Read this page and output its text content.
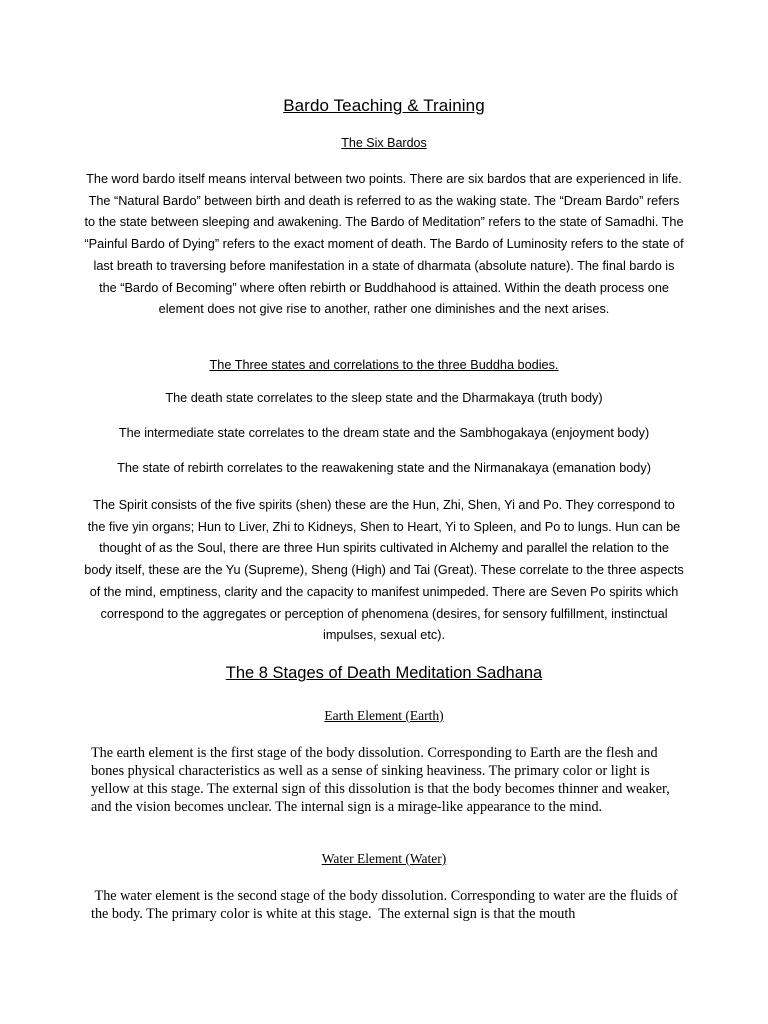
Bardo Teaching & Training
The Six Bardos
The word bardo itself means interval between two points. There are six bardos that are experienced in life. The “Natural Bardo” between birth and death is referred to as the waking state. The “Dream Bardo” refers to the state between sleeping and awakening. The Bardo of Meditation” refers to the state of Samadhi. The “Painful Bardo of Dying” refers to the exact moment of death. The Bardo of Luminosity refers to the state of last breath to traversing before manifestation in a state of dharmata (absolute nature). The final bardo is the “Bardo of Becoming” where often rebirth or Buddhahood is attained. Within the death process one element does not give rise to another, rather one diminishes and the next arises.
The Three states and correlations to the three Buddha bodies.
The death state correlates to the sleep state and the Dharmakaya (truth body)
The intermediate state correlates to the dream state and the Sambhogakaya (enjoyment body)
The state of rebirth correlates to the reawakening state and the Nirmanakaya (emanation body)
The Spirit consists of the five spirits (shen) these are the Hun, Zhi, Shen, Yi and Po. They correspond to the five yin organs; Hun to Liver, Zhi to Kidneys, Shen to Heart, Yi to Spleen, and Po to lungs. Hun can be thought of as the Soul, there are three Hun spirits cultivated in Alchemy and parallel the relation to the body itself, these are the Yu (Supreme), Sheng (High) and Tai (Great). These correlate to the three aspects of the mind, emptiness, clarity and the capacity to manifest unimpeded. There are Seven Po spirits which correspond to the aggregates or perception of phenomena (desires, for sensory fulfillment, instinctual impulses, sexual etc).
The 8 Stages of Death Meditation Sadhana
Earth Element (Earth)
The earth element is the first stage of the body dissolution. Corresponding to Earth are the flesh and bones physical characteristics as well as a sense of sinking heaviness. The primary color or light is yellow at this stage. The external sign of this dissolution is that the body becomes thinner and weaker, and the vision becomes unclear. The internal sign is a mirage-like appearance to the mind.
Water Element (Water)
The water element is the second stage of the body dissolution. Corresponding to water are the fluids of the body. The primary color is white at this stage.  The external sign is that the mouth
